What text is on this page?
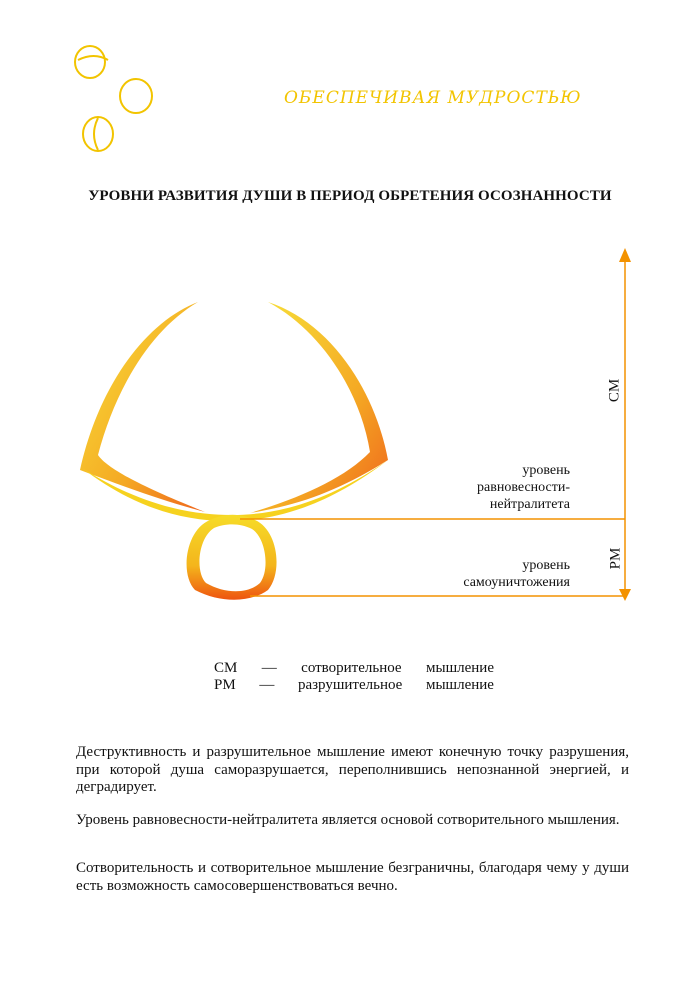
ОБЕСПЕЧИВАЯ МУДРОСТЬЮ
УРОВНИ РАЗВИТИЯ ДУШИ В ПЕРИОД ОБРЕТЕНИЯ ОСОЗНАННОСТИ
СМ
РМ
уровень
равновесности-
нейтралитета
уровень
самоуничтожения
СМ — сотворительное мышление
РМ — разрушительное мышление

Деструктивность и разрушительное мышление имеют конечную точку разрушения, при которой душа саморазрушается, переполнившись непознанной энергией, и деградирует.

Уровень равновесности-нейтралитета является основой сотворительного мышления.

Сотворительность и сотворительное мышление безграничны, благодаря чему у души есть возможность самосовершенствоваться вечно.
